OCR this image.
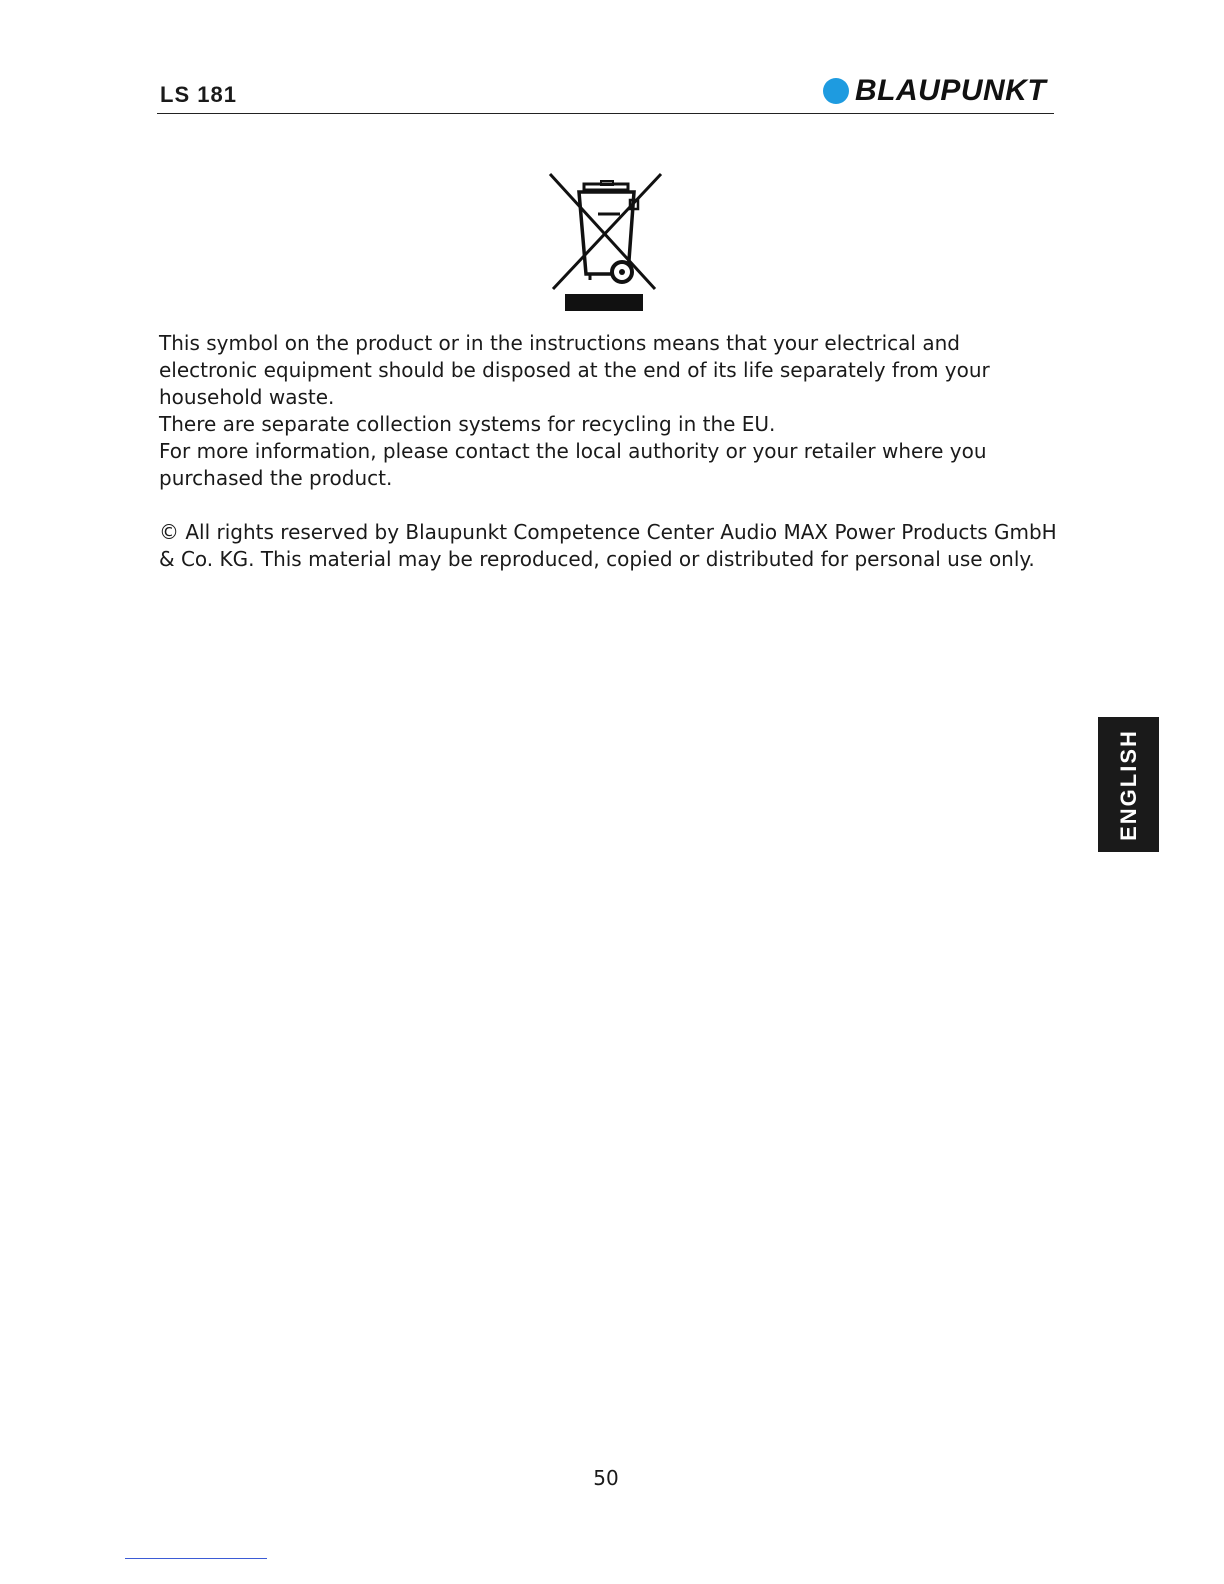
LS 181	BLAUPUNKT

This symbol on the product or in the instructions means that your electrical and electronic equipment should be disposed at the end of its life separately from your household waste.

There are separate collection systems for recycling in the EU.

For more information, please contact the local authority or your retailer where you purchased the product.

© All rights reserved by Blaupunkt Competence Center Audio MAX Power Products GmbH & Co. KG. This material may be reproduced, copied or distributed for personal use only.

ENGLISH
50
